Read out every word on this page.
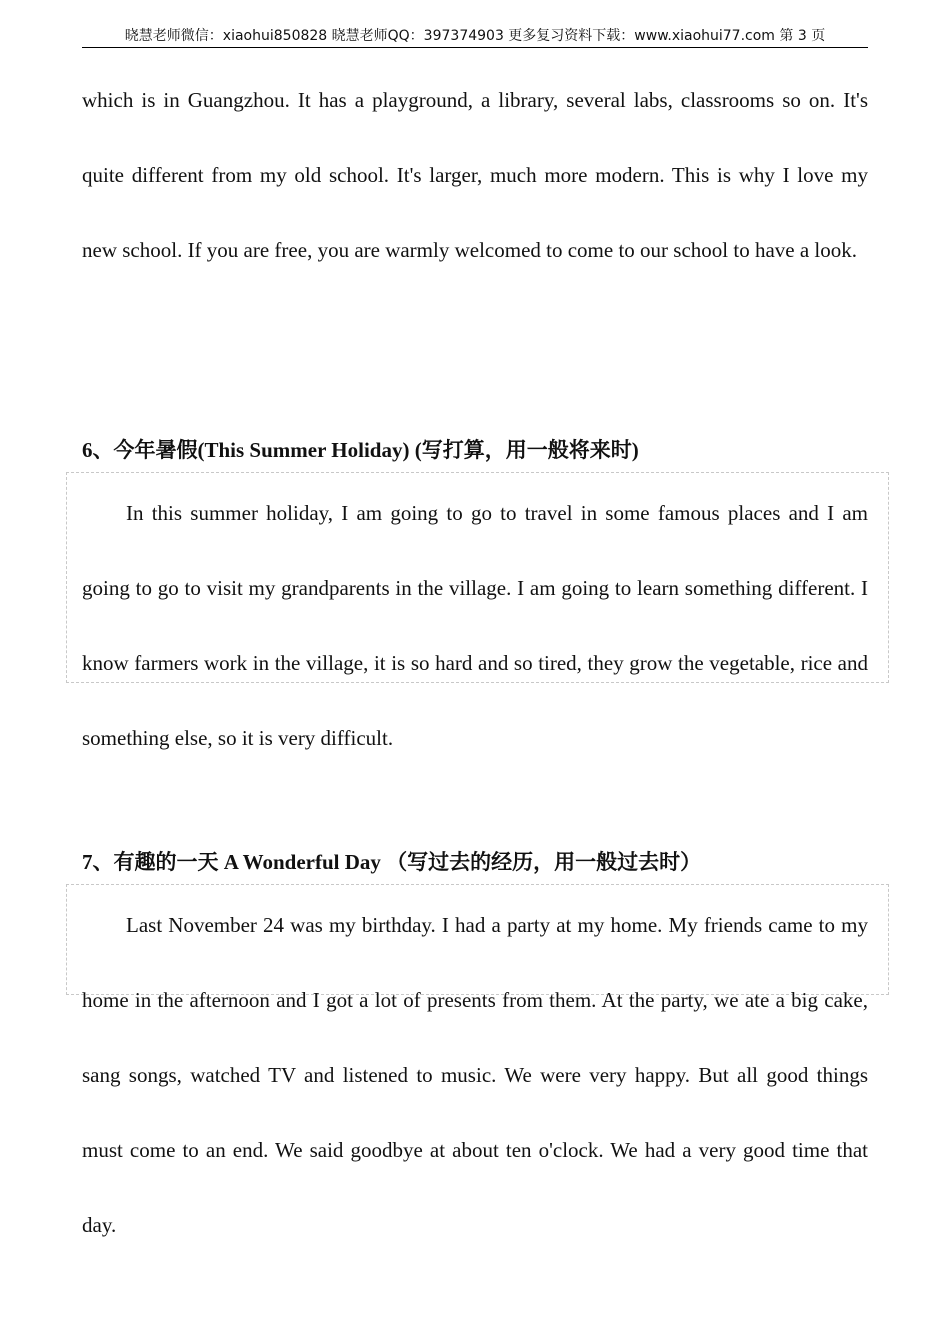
晓慧老师微信：xiaohui850828 晓慧老师QQ：397374903 更多复习资料下载：www.xiaohui77.com 第 3 页

which is in Guangzhou. It has a playground, a library, several labs, classrooms so on. It's quite different from my old school. It's larger, much more modern. This is why I love my new school. If you are free, you are warmly welcomed to come to our school to have a look.

6、今年暑假(This Summer Holiday) (写打算，用一般将来时)

In this summer holiday, I am going to go to travel in some famous places and I am going to go to visit my grandparents in the village. I am going to learn something different. I know farmers work in the village, it is so hard and so tired, they grow the vegetable, rice and something else, so it is very difficult.

7、有趣的一天 A Wonderful Day （写过去的经历，用一般过去时）

Last November 24 was my birthday. I had a party at my home. My friends came to my home in the afternoon and I got a lot of presents from them. At the party, we ate a big cake, sang songs, watched TV and listened to music. We were very happy. But all good things must come to an end. We said goodbye at about ten o'clock. We had a very good time that day.
